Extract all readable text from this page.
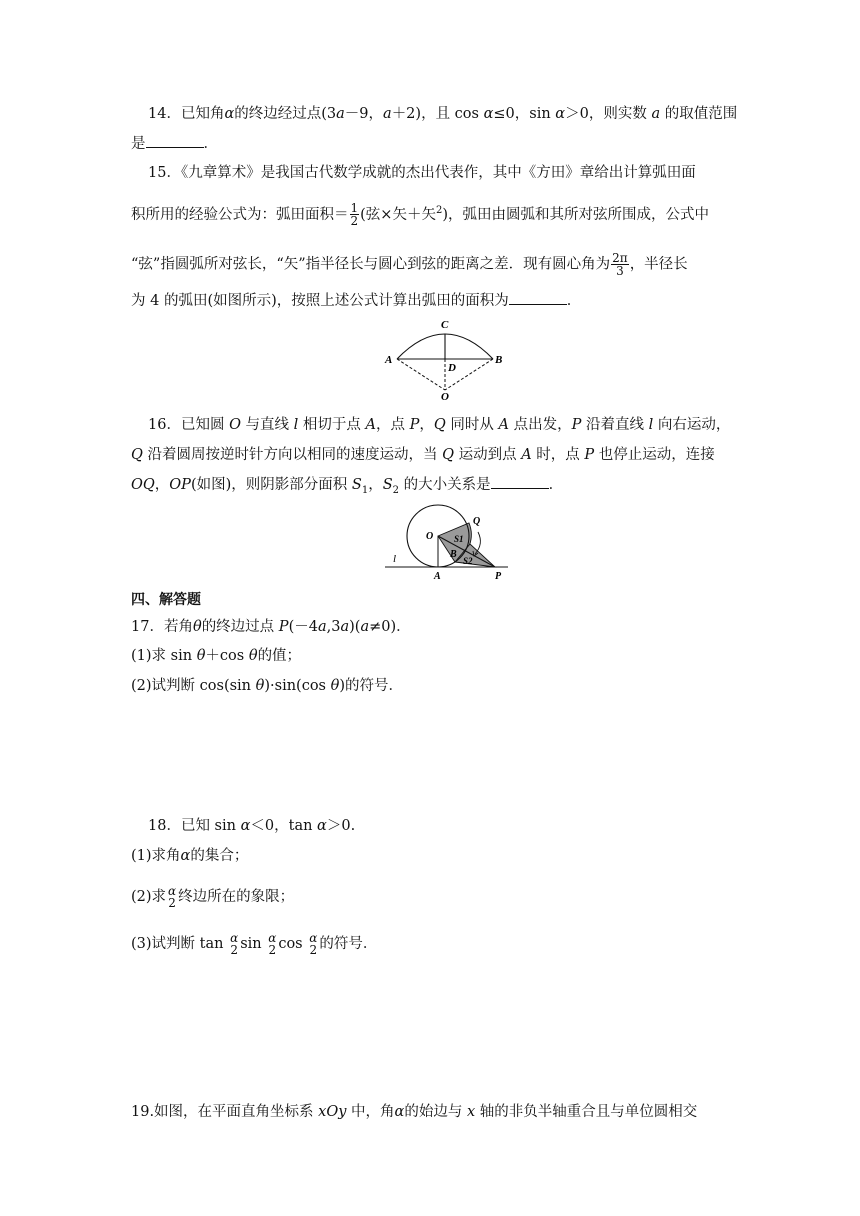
14．已知角α的终边经过点(3a－9，a＋2)，且 cos α≤0，sin α＞0，则实数 a 的取值范围
是	．
15．《九章算术》是我国古代数学成就的杰出代表作，其中《方田》章给出计算弧田面
积所用的经验公式为：弧田面积＝ $\frac{1}{2}$ (弦×矢＋矢$^2$)，弧田由圆弧和其所对弦所围成，公式中
“弦”指圆弧所对弦长，“矢”指半径长与圆心到弦的距离之差．现有圆心角为 $\frac{2\pi}{3}$ ，半径长
为 4 的弧田(如图所示)，按照上述公式计算出弧田的面积为	．
C
A	B
D
O
16．已知圆 O 与直线 l 相切于点 A，点 P，Q 同时从 A 点出发，P 沿着直线 l 向右运动，
Q 沿着圆周按逆时针方向以相同的速度运动，当 Q 运动到点 A 时，点 P 也停止运动，连接
OQ，OP(如图)，则阴影部分面积 $S_1$，$S_2$ 的大小关系是	．
O
Q
S1
B
S2
l
A	P
四、解答题
17．若角θ的终边过点 P(－4a,3a)(a≠0)．
(1)求 sin θ＋cos θ的值；
(2)试判断 cos(sin θ)·sin(cos θ)的符号．
18．已知 sin α＜0，tan α＞0.
(1)求角α的集合；
(2)求 α
2 终边所在的象限；
(3)试判断 tan α
2 sin α
2 cos α
2 的符号．
19.如图，在平面直角坐标系 xOy 中，角α的始边与 x 轴的非负半轴重合且与单位圆相交
